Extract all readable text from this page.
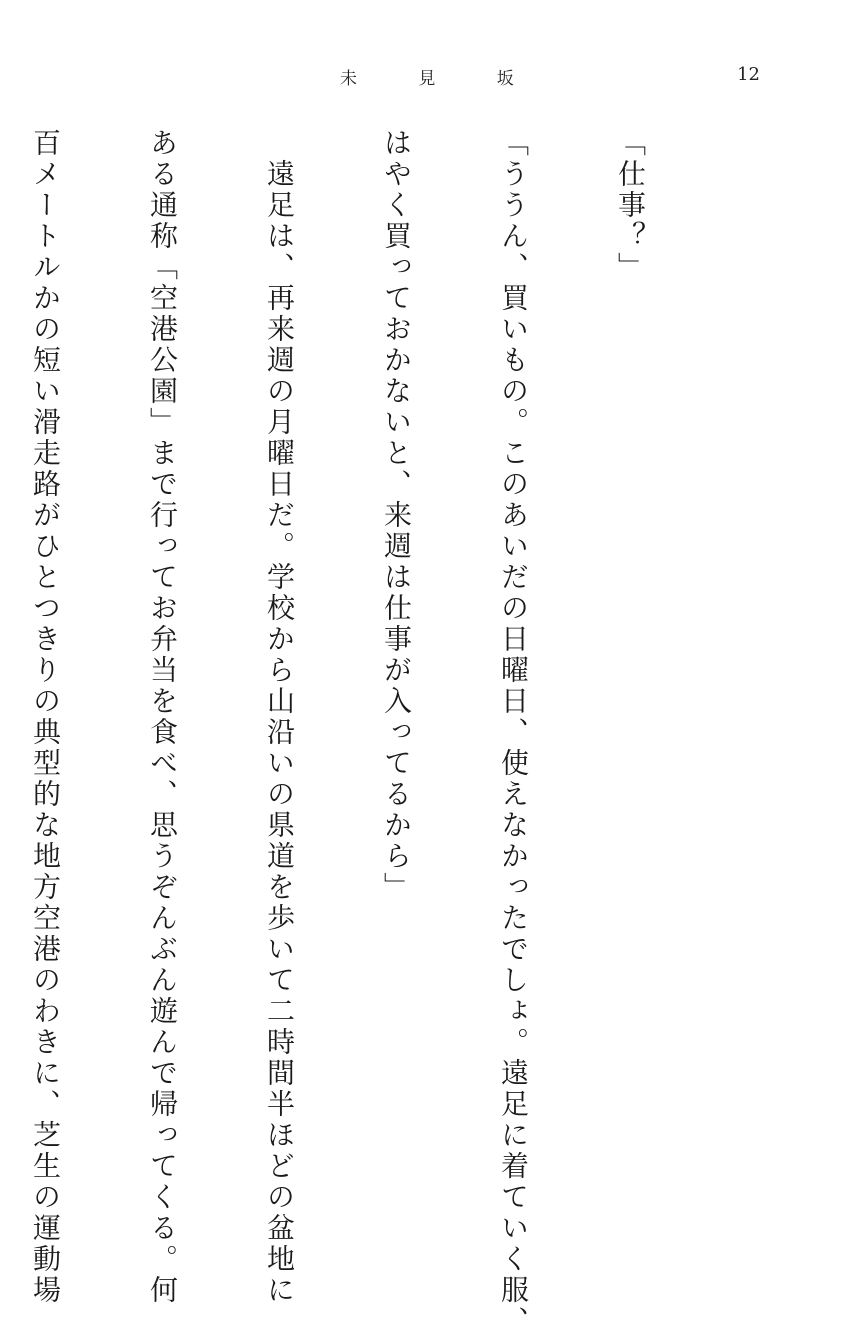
未 見 坂	12

「仕事？」

「ううん、買いもの。このあいだの日曜日、使えなかったでしょ。遠足に着ていく服、

はやく買っておかないと、来週は仕事が入ってるから」

　遠足は、再来週の月曜日だ。学校から山沿いの県道を歩いて二時間半ほどの盆地に

ある通称「空港公園」まで行ってお弁当を食べ、思うぞんぶん遊んで帰ってくる。何

百メートルかの短い滑走路がひとつきりの典型的な地方空港のわきに、芝生の運動場
